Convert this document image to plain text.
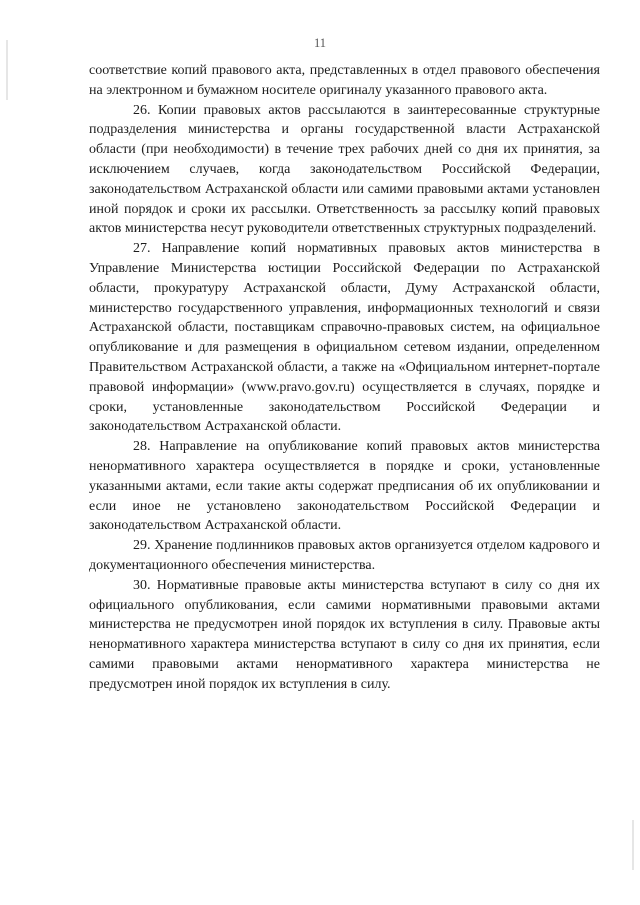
11

соответствие копий правового акта, представленных в отдел правового обеспечения на электронном и бумажном носителе оригиналу указанного правового акта.

26. Копии правовых актов рассылаются в заинтересованные структурные подразделения министерства и органы государственной власти Астраханской области (при необходимости) в течение трех рабочих дней со дня их принятия, за исключением случаев, когда законодательством Российской Федерации, законодательством Астраханской области или самими правовыми актами установлен иной порядок и сроки их рассылки. Ответственность за рассылку копий правовых актов министерства несут руководители ответственных структурных подразделений.

27. Направление копий нормативных правовых актов министерства в Управление Министерства юстиции Российской Федерации по Астраханской области, прокуратуру Астраханской области, Думу Астраханской области, министерство государственного управления, информационных технологий и связи Астраханской области, поставщикам справочно-правовых систем, на официальное опубликование и для размещения в официальном сетевом издании, определенном Правительством Астраханской области, а также на «Официальном интернет-портале правовой информации» (www.pravo.gov.ru) осуществляется в случаях, порядке и сроки, установленные законодательством Российской Федерации и законодательством Астраханской области.

28. Направление на опубликование копий правовых актов министерства ненормативного характера осуществляется в порядке и сроки, установленные указанными актами, если такие акты содержат предписания об их опубликовании и если иное не установлено законодательством Российской Федерации и законодательством Астраханской области.

29. Хранение подлинников правовых актов организуется отделом кадрового и документационного обеспечения министерства.

30. Нормативные правовые акты министерства вступают в силу со дня их официального опубликования, если самими нормативными правовыми актами министерства не предусмотрен иной порядок их вступления в силу. Правовые акты ненормативного характера министерства вступают в силу со дня их принятия, если самими правовыми актами ненормативного характера министерства не предусмотрен иной порядок их вступления в силу.
